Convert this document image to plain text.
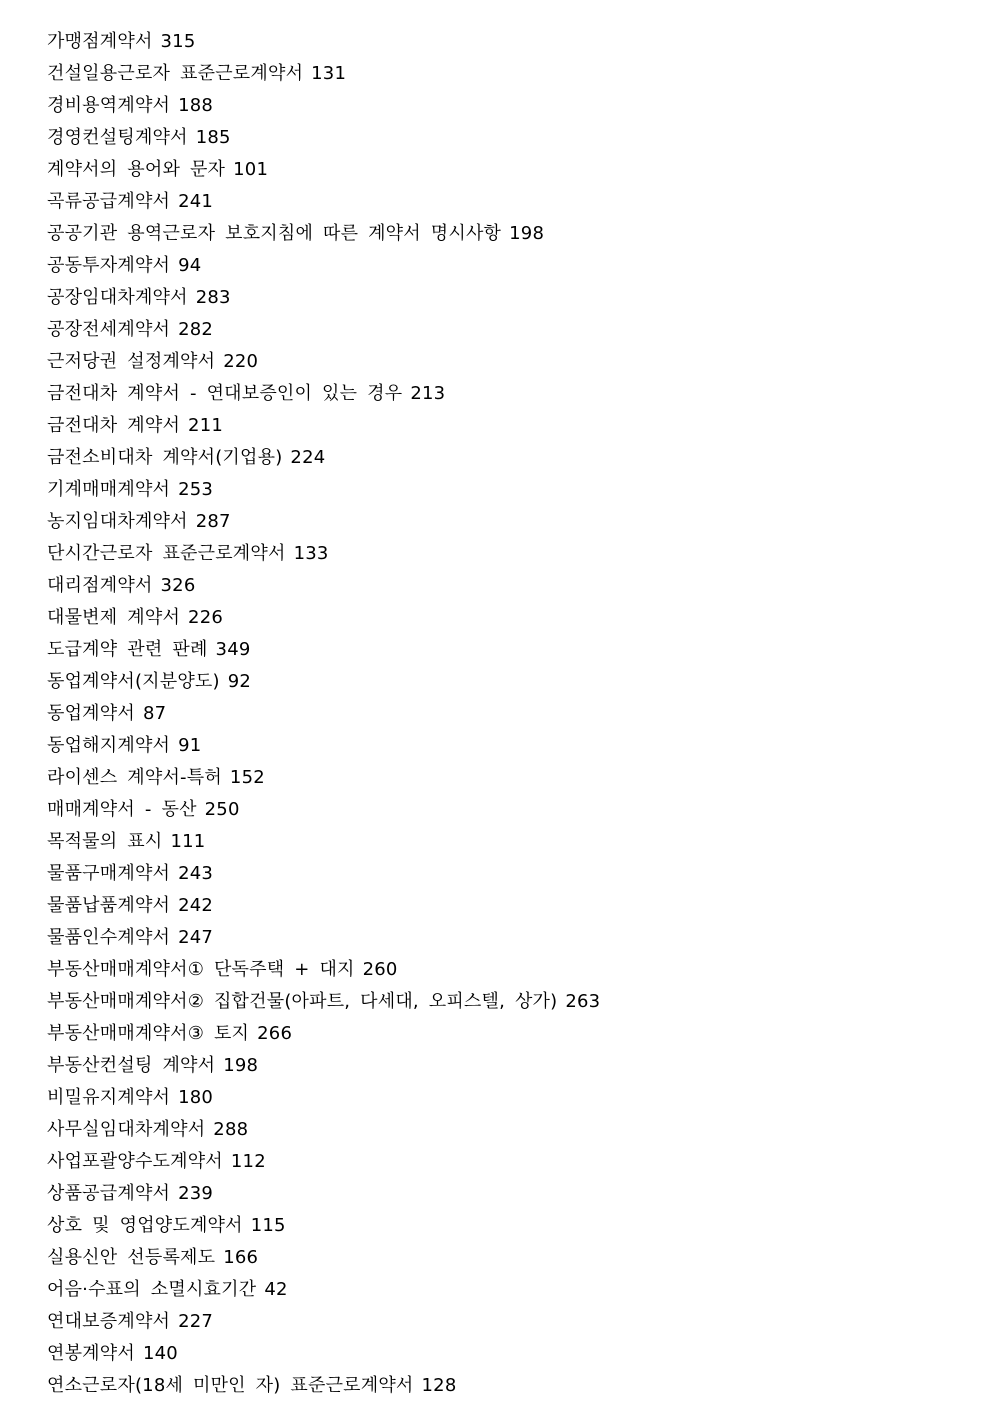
가맹점계약서 315
건설일용근로자 표준근로계약서 131
경비용역계약서 188
경영컨설팅계약서 185
계약서의 용어와 문자 101
곡류공급계약서 241
공공기관 용역근로자 보호지침에 따른 계약서 명시사항 198
공동투자계약서 94
공장임대차계약서 283
공장전세계약서 282
근저당권 설정계약서 220
금전대차 계약서 - 연대보증인이 있는 경우 213
금전대차 계약서 211
금전소비대차 계약서(기업용) 224
기계매매계약서 253
농지임대차계약서 287
단시간근로자 표준근로계약서 133
대리점계약서 326
대물변제 계약서 226
도급계약 관련 판례 349
동업계약서(지분양도) 92
동업계약서 87
동업해지계약서 91
라이센스 계약서-특허 152
매매계약서 - 동산 250
목적물의 표시 111
물품구매계약서 243
물품납품계약서 242
물품인수계약서 247
부동산매매계약서① 단독주택 + 대지 260
부동산매매계약서② 집합건물(아파트, 다세대, 오피스텔, 상가) 263
부동산매매계약서③ 토지 266
부동산컨설팅 계약서 198
비밀유지계약서 180
사무실임대차계약서 288
사업포괄양수도계약서 112
상품공급계약서 239
상호 및 영업양도계약서 115
실용신안 선등록제도 166
어음·수표의 소멸시효기간 42
연대보증계약서 227
연봉계약서 140
연소근로자(18세 미만인 자) 표준근로계약서 128
